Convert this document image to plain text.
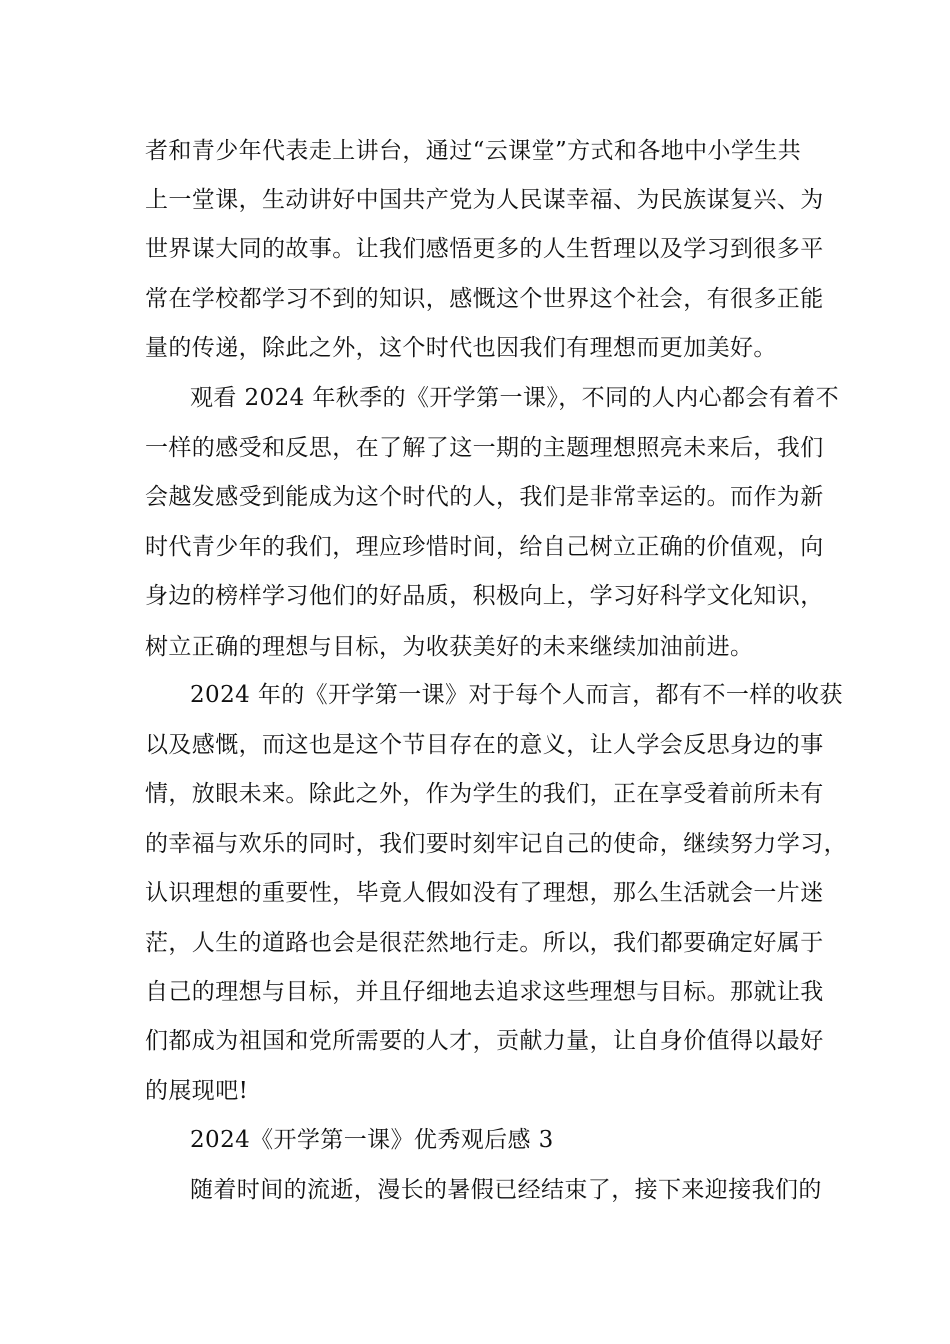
者和青少年代表走上讲台，通过“云课堂”方式和各地中小学生共
上一堂课，生动讲好中国共产党为人民谋幸福、为民族谋复兴、为
世界谋大同的故事。让我们感悟更多的人生哲理以及学习到很多平
常在学校都学习不到的知识，感慨这个世界这个社会，有很多正能
量的传递，除此之外，这个时代也因我们有理想而更加美好。
观看 2024 年秋季的《开学第一课》，不同的人内心都会有着不
一样的感受和反思，在了解了这一期的主题理想照亮未来后，我们
会越发感受到能成为这个时代的人，我们是非常幸运的。而作为新
时代青少年的我们，理应珍惜时间，给自己树立正确的价值观，向
身边的榜样学习他们的好品质，积极向上，学习好科学文化知识，
树立正确的理想与目标，为收获美好的未来继续加油前进。
2024 年的《开学第一课》对于每个人而言，都有不一样的收获
以及感慨，而这也是这个节目存在的意义，让人学会反思身边的事
情，放眼未来。除此之外，作为学生的我们，正在享受着前所未有
的幸福与欢乐的同时，我们要时刻牢记自己的使命，继续努力学习，
认识理想的重要性，毕竟人假如没有了理想，那么生活就会一片迷
茫，人生的道路也会是很茫然地行走。所以，我们都要确定好属于
自己的理想与目标，并且仔细地去追求这些理想与目标。那就让我
们都成为祖国和党所需要的人才，贡献力量，让自身价值得以最好
的展现吧!
2024《开学第一课》优秀观后感 3
随着时间的流逝，漫长的暑假已经结束了，接下来迎接我们的
